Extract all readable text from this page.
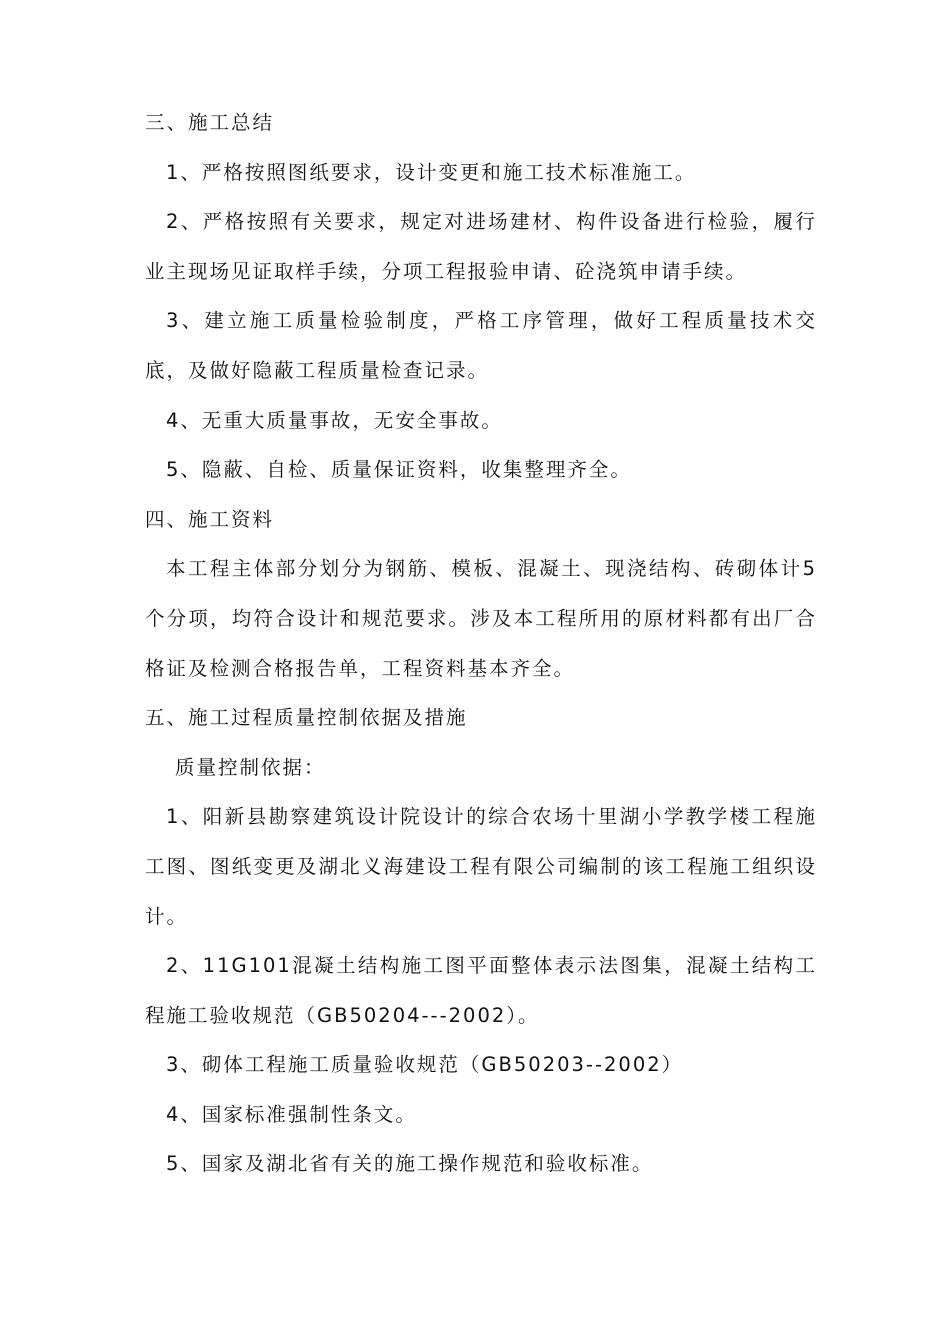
三、施工总结
1、严格按照图纸要求，设计变更和施工技术标准施工。
2、严格按照有关要求，规定对进场建材、构件设备进行检验，履行业主现场见证取样手续，分项工程报验申请、砼浇筑申请手续。
3、建立施工质量检验制度，严格工序管理，做好工程质量技术交底，及做好隐蔽工程质量检查记录。
4、无重大质量事故，无安全事故。
5、隐蔽、自检、质量保证资料，收集整理齐全。
四、施工资料
本工程主体部分划分为钢筋、模板、混凝土、现浇结构、砖砌体计5个分项，均符合设计和规范要求。涉及本工程所用的原材料都有出厂合格证及检测合格报告单，工程资料基本齐全。
五、施工过程质量控制依据及措施
质量控制依据：
1、阳新县勘察建筑设计院设计的综合农场十里湖小学教学楼工程施工图、图纸变更及湖北义海建设工程有限公司编制的该工程施工组织设计。
2、11G101混凝土结构施工图平面整体表示法图集，混凝土结构工程施工验收规范（GB50204---2002）。
3、砌体工程施工质量验收规范（GB50203--2002）
4、国家标准强制性条文。
5、国家及湖北省有关的施工操作规范和验收标准。
